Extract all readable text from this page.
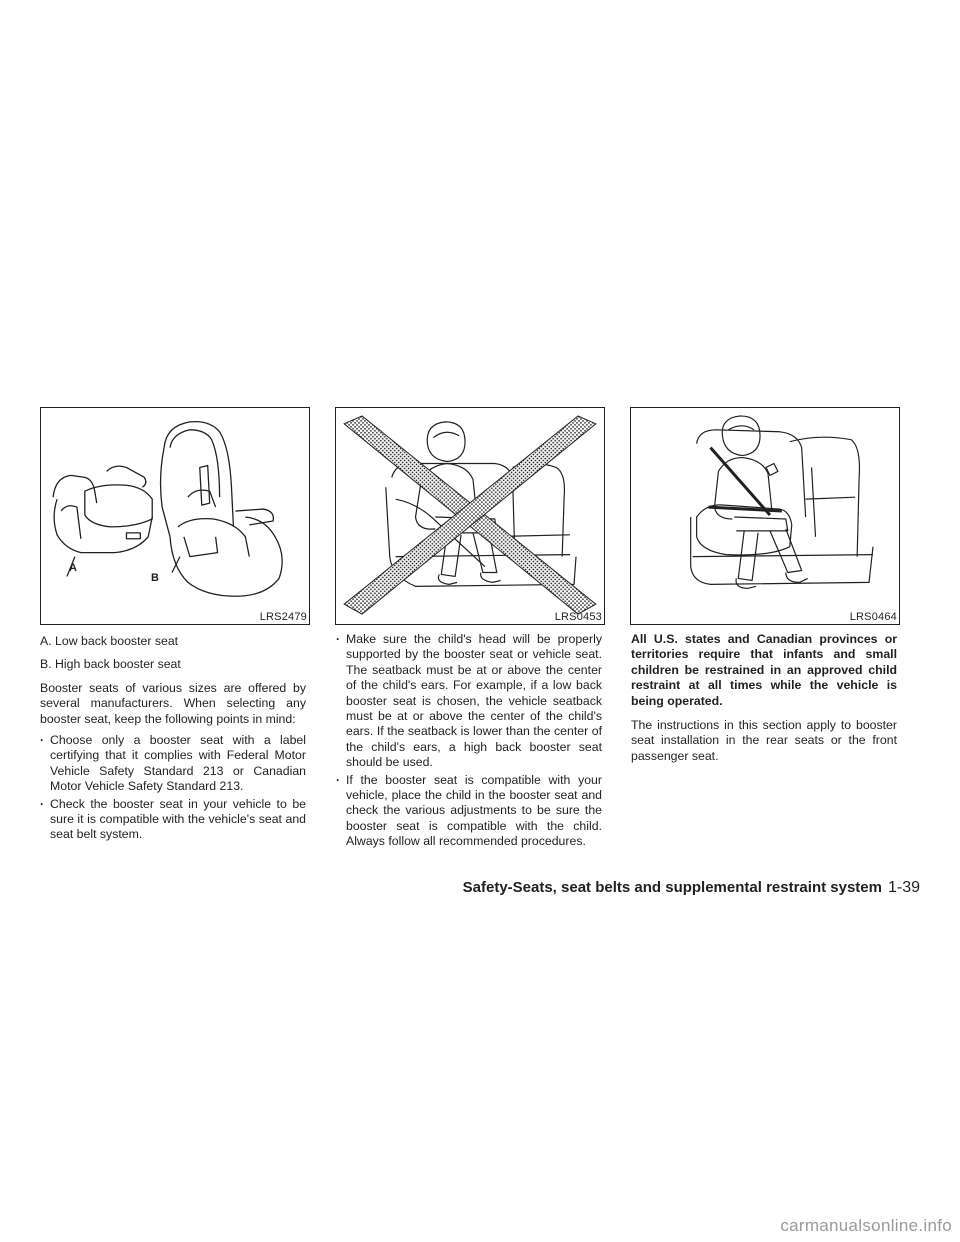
A
B
LRS2479	LRS0453	LRS0464

A. Low back booster seat

B. High back booster seat

Booster seats of various sizes are offered by several manufacturers. When selecting any booster seat, keep the following points in mind:

· Choose only a booster seat with a label certifying that it complies with Federal Motor Vehicle Safety Standard 213 or Canadian Motor Vehicle Safety Standard 213.

· Check the booster seat in your vehicle to be sure it is compatible with the vehicle's seat and seat belt system.

· Make sure the child's head will be properly supported by the booster seat or vehicle seat. The seatback must be at or above the center of the child's ears. For example, if a low back booster seat is chosen, the vehicle seatback must be at or above the center of the child's ears. If the seatback is lower than the center of the child's ears, a high back booster seat should be used.

· If the booster seat is compatible with your vehicle, place the child in the booster seat and check the various adjustments to be sure the booster seat is compatible with the child. Always follow all recommended procedures.

All U.S. states and Canadian provinces or territories require that infants and small children be restrained in an approved child restraint at all times while the vehicle is being operated.

The instructions in this section apply to booster seat installation in the rear seats or the front passenger seat.

Safety-Seats, seat belts and supplemental restraint system 1-39
carmanualsonline.info
